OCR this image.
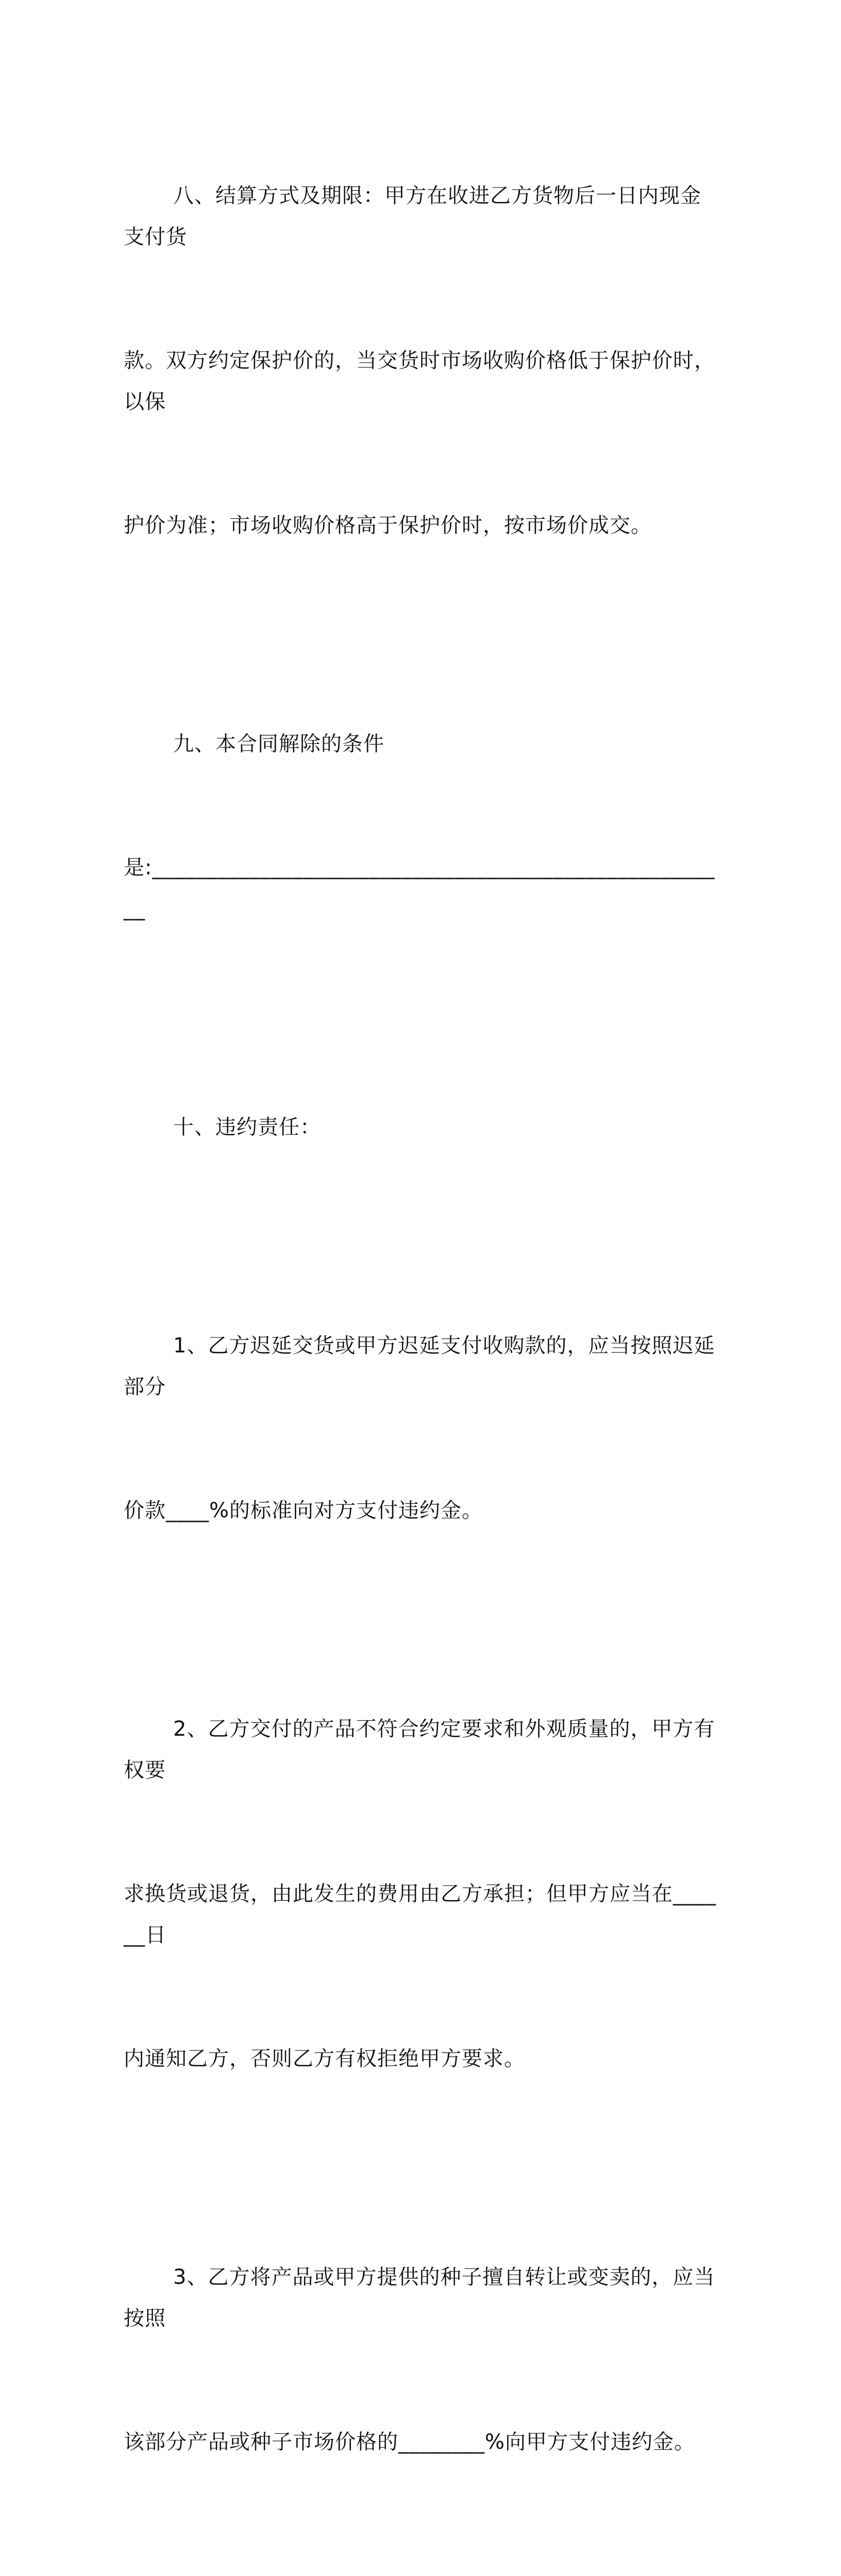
八、结算方式及期限：甲方在收进乙方货物后一日内现金支付货

款。双方约定保护价的，当交货时市场收购价格低于保护价时，以保

护价为准；市场收购价格高于保护价时，按市场价成交。

九、本合同解除的条件

是:______________________________________________________

十、违约责任：

1、乙方迟延交货或甲方迟延支付收购款的，应当按照迟延部分

价款____%的标准向对方支付违约金。

2、乙方交付的产品不符合约定要求和外观质量的，甲方有权要

求换货或退货，由此发生的费用由乙方承担；但甲方应当在______日

内通知乙方，否则乙方有权拒绝甲方要求。

3、乙方将产品或甲方提供的种子擅自转让或变卖的，应当按照

该部分产品或种子市场价格的________%向甲方支付违约金。
